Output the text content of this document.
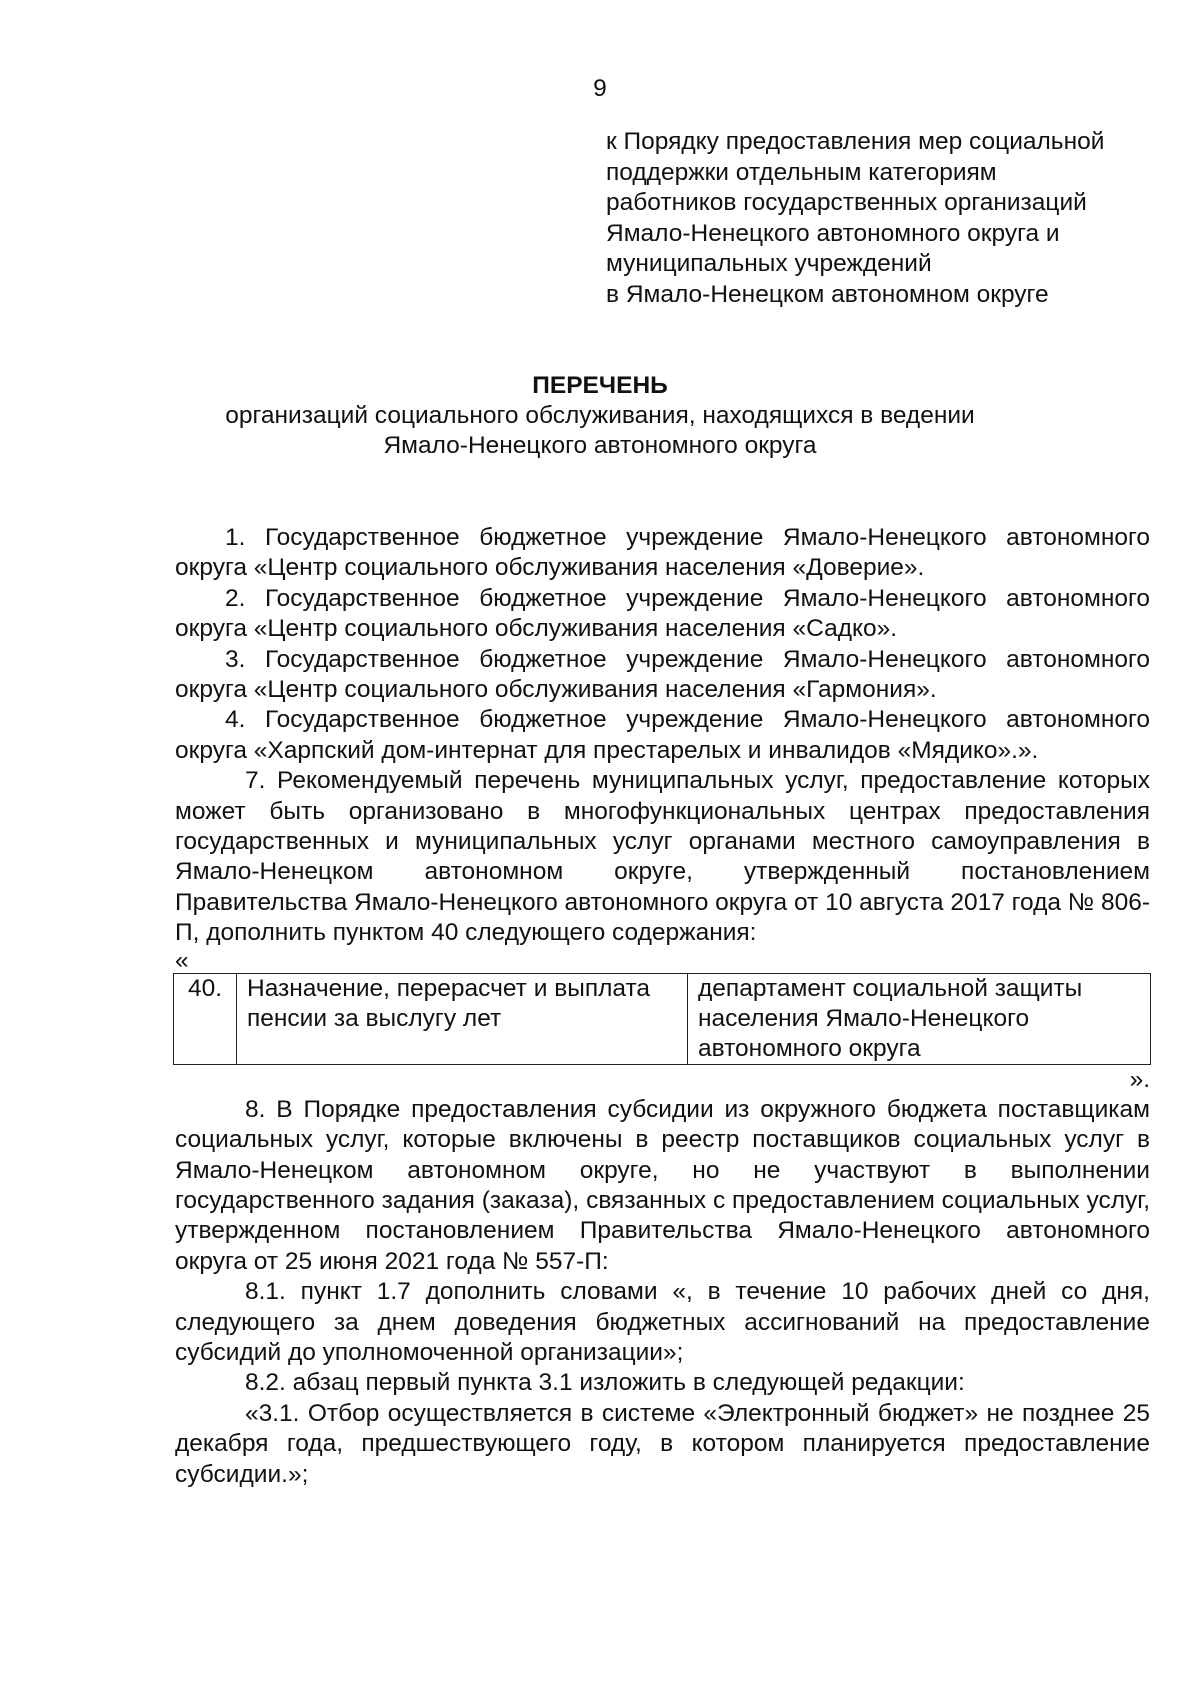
9
к Порядку предоставления мер социальной
поддержки отдельным категориям
работников государственных организаций
Ямало-Ненецкого автономного округа и
муниципальных учреждений
в Ямало-Ненецком автономном округе
ПЕРЕЧЕНЬ
организаций социального обслуживания, находящихся в ведении
Ямало-Ненецкого автономного округа

1. Государственное бюджетное учреждение Ямало-Ненецкого автономного округа «Центр социального обслуживания населения «Доверие».

2. Государственное бюджетное учреждение Ямало-Ненецкого автономного округа «Центр социального обслуживания населения «Садко».

3. Государственное бюджетное учреждение Ямало-Ненецкого автономного округа «Центр социального обслуживания населения «Гармония».

4. Государственное бюджетное учреждение Ямало-Ненецкого автономного округа «Харпский дом-интернат для престарелых и инвалидов «Мядико».».

7. Рекомендуемый перечень муниципальных услуг, предоставление которых может быть организовано в многофункциональных центрах предоставления государственных и муниципальных услуг органами местного самоуправления в Ямало-Ненецком автономном округе, утвержденный постановлением Правительства Ямало-Ненецкого автономного округа от 10 августа 2017 года № 806-П, дополнить пунктом 40 следующего содержания:

«
40.	Назначение, перерасчет и выплата пенсии за выслугу лет	департамент социальной защиты населения Ямало-Ненецкого автономного округа
».

8. В Порядке предоставления субсидии из окружного бюджета поставщикам социальных услуг, которые включены в реестр поставщиков социальных услуг в Ямало-Ненецком автономном округе, но не участвуют в выполнении государственного задания (заказа), связанных с предоставлением социальных услуг, утвержденном постановлением Правительства Ямало-Ненецкого автономного округа от 25 июня 2021 года № 557-П:

8.1. пункт 1.7 дополнить словами «, в течение 10 рабочих дней со дня, следующего за днем доведения бюджетных ассигнований на предоставление субсидий до уполномоченной организации»;

8.2. абзац первый пункта 3.1 изложить в следующей редакции:

«3.1. Отбор осуществляется в системе «Электронный бюджет» не позднее 25 декабря года, предшествующего году, в котором планируется предоставление субсидии.»;
